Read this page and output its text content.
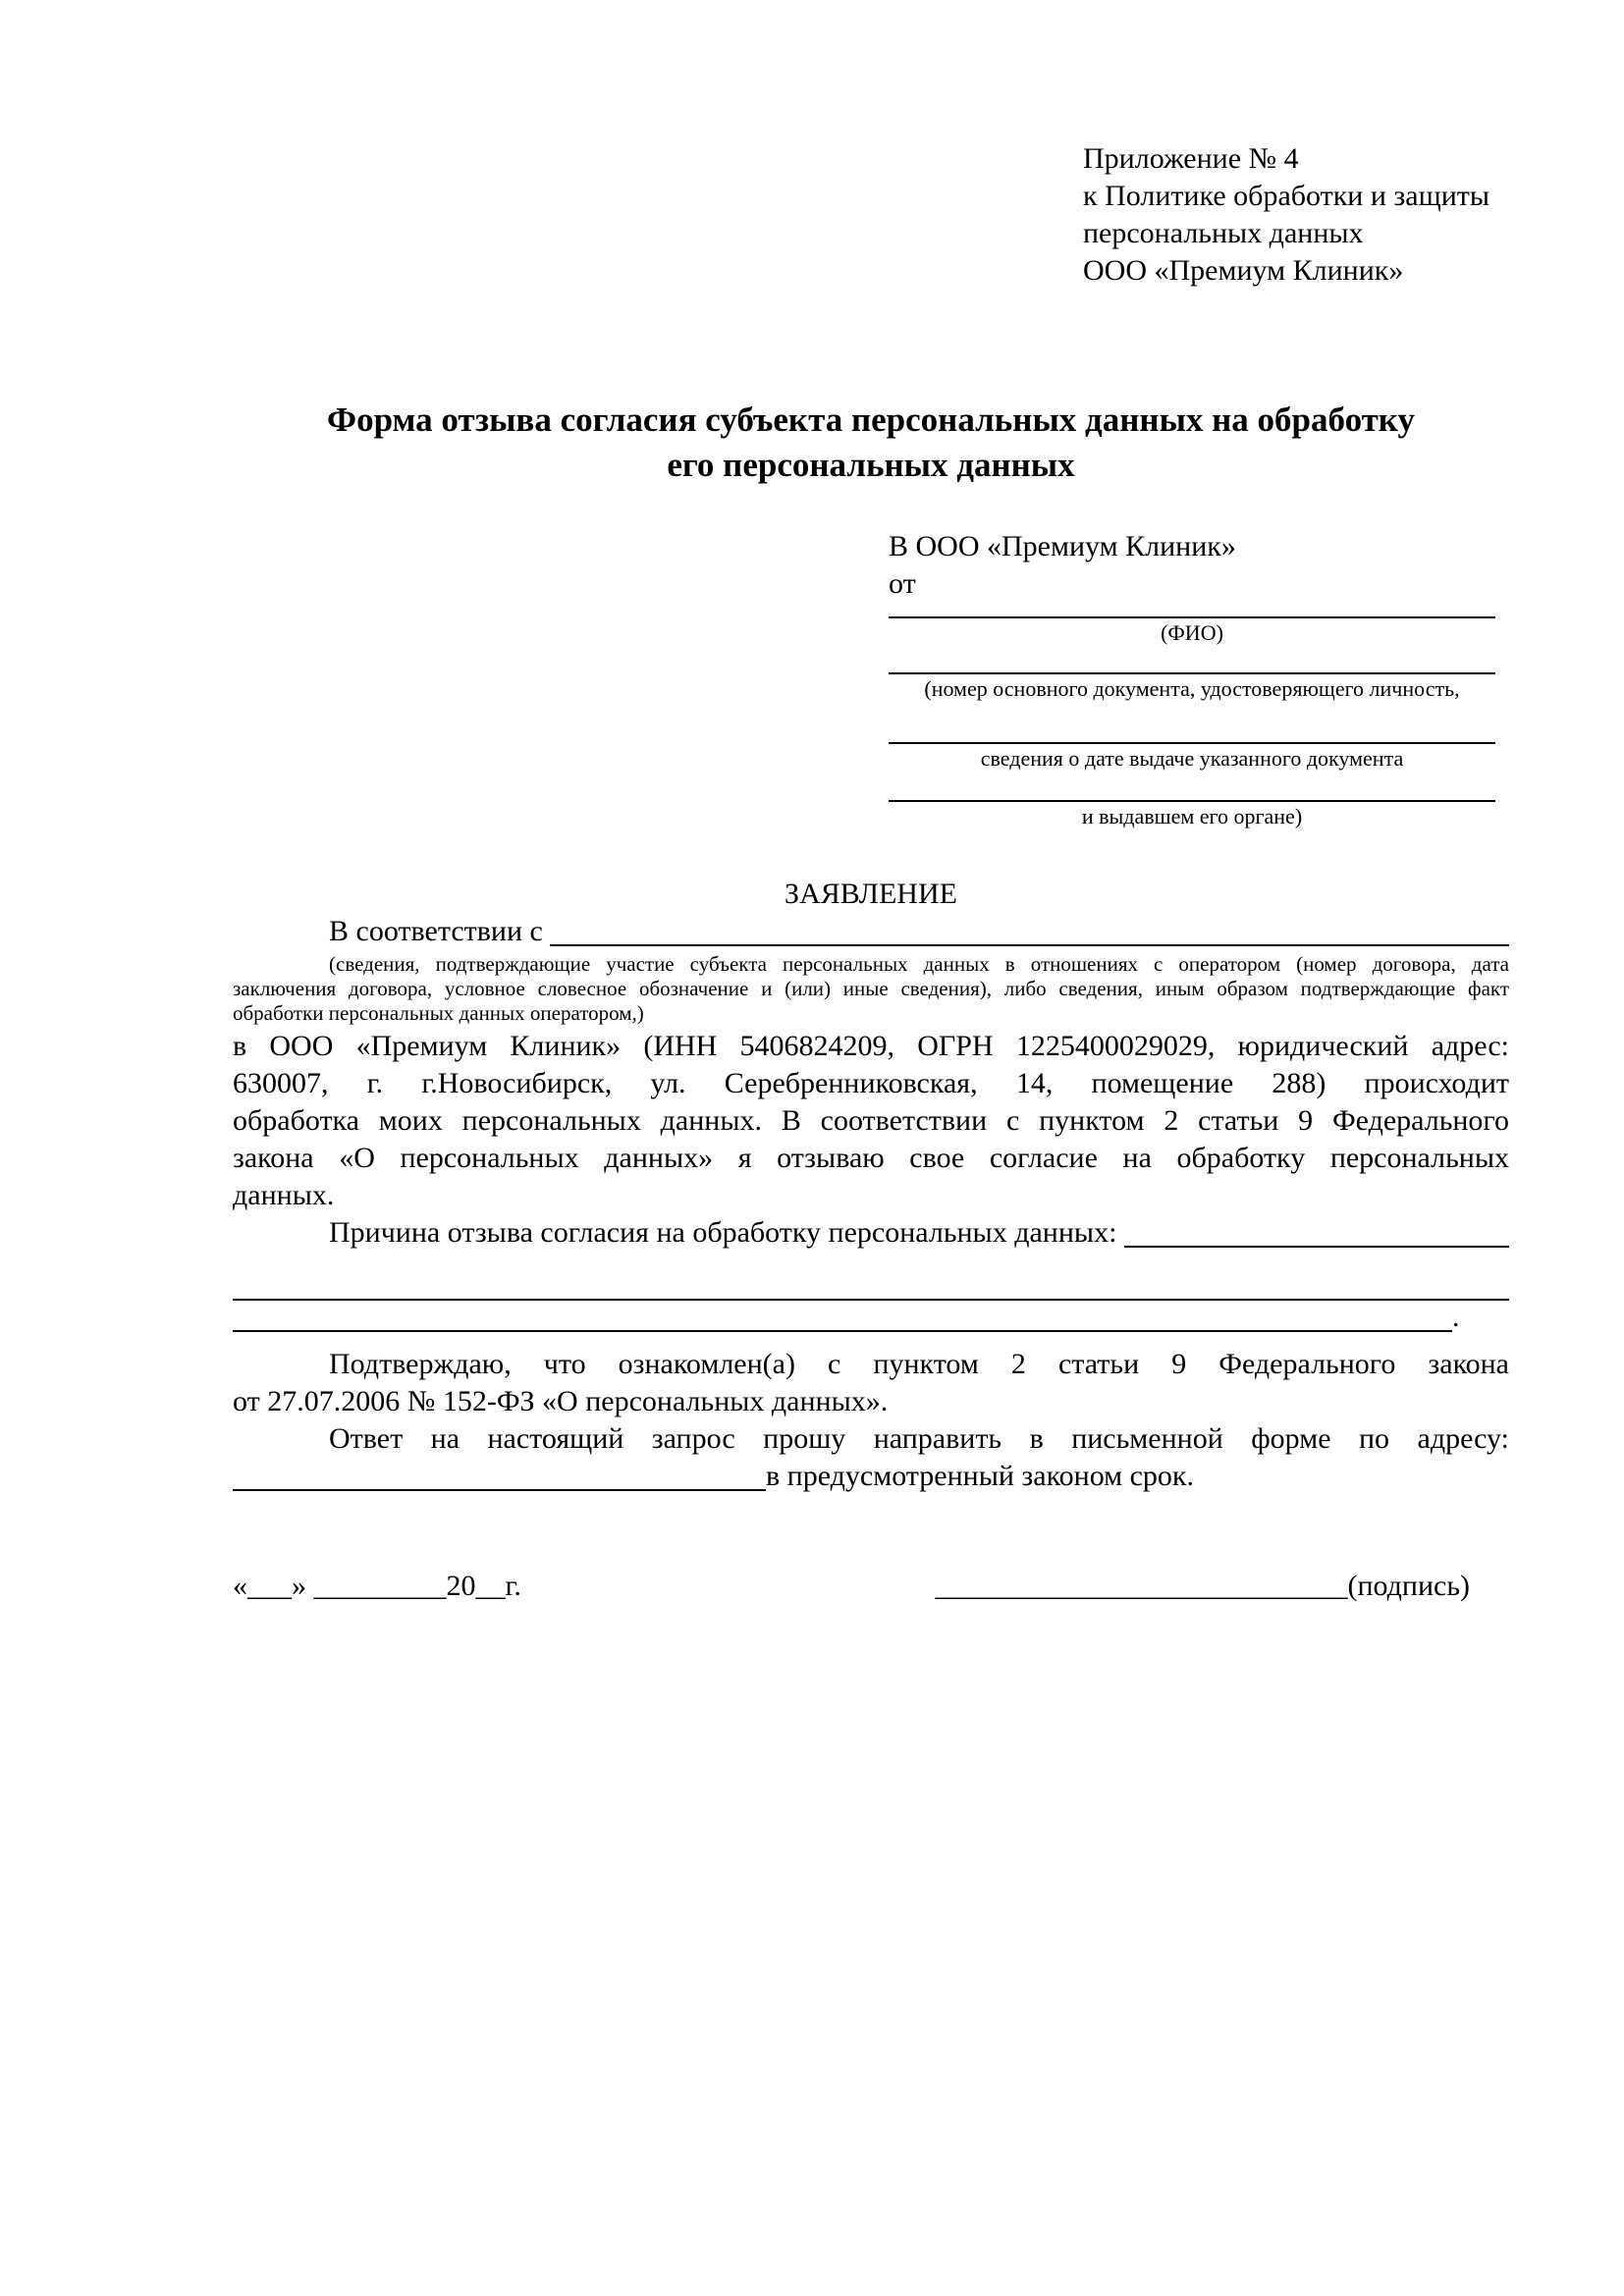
Приложение № 4
к Политике обработки и защиты
персональных данных
ООО «Премиум Клиник»
Форма отзыва согласия субъекта персональных данных на обработку
его персональных данных
В ООО «Премиум Клиник»
от
(ФИО)
(номер основного документа, удостоверяющего личность,
сведения о дате выдаче указанного документа
и выдавшем его органе)
ЗАЯВЛЕНИЕ
В соответствии с
(сведения, подтверждающие участие субъекта персональных данных в отношениях с оператором (номер договора, дата
заключения договора, условное словесное обозначение и (или) иные сведения), либо сведения, иным образом подтверждающие факт
обработки персональных данных оператором,)
в ООО «Премиум Клиник» (ИНН 5406824209, ОГРН 1225400029029, юридический адрес:
630007, г. г.Новосибирск, ул. Серебренниковская, 14, помещение 288) происходит
обработка моих персональных данных. В соответствии с пунктом 2 статьи 9 Федерального
закона «О персональных данных» я отзываю свое согласие на обработку персональных
данных.
Причина отзыва согласия на обработку персональных данных:
.
Подтверждаю, что ознакомлен(а) с пунктом 2 статьи 9 Федерального закона
от 27.07.2006 № 152-ФЗ «О персональных данных».
Ответ на настоящий запрос прошу направить в письменной форме по адресу:
в предусмотренный законом срок.
«___» _________20__г.	____________________________(подпись)
